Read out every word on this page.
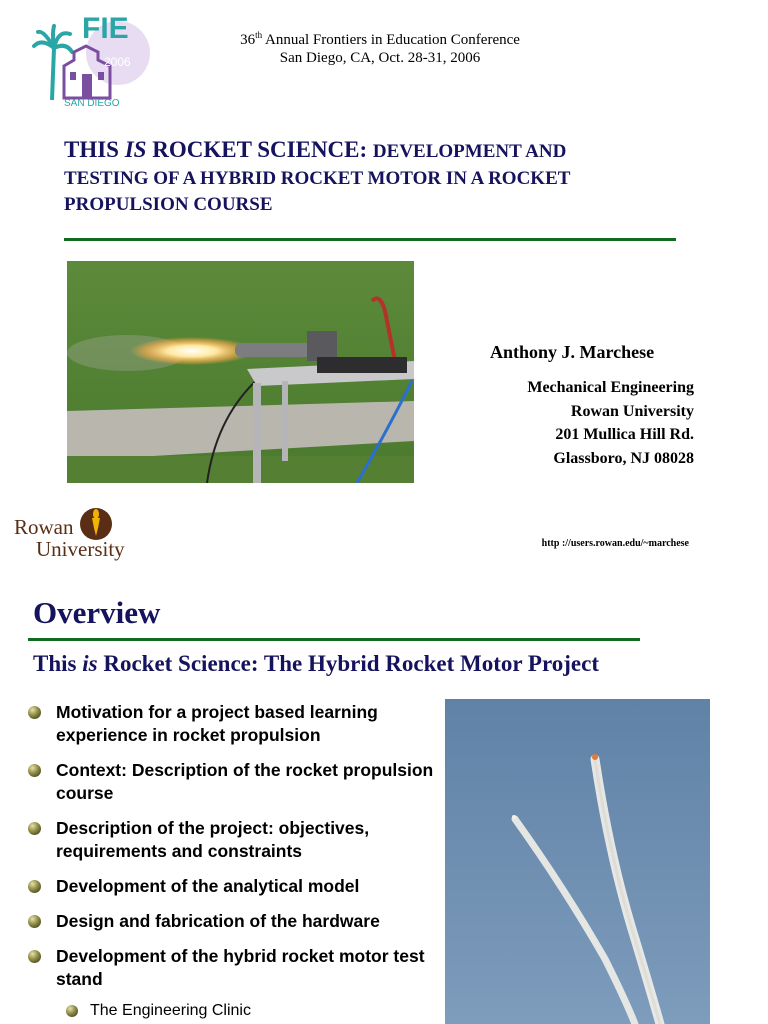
2006
FIE
SAN DIEGO
36th Annual Frontiers in Education Conference
San Diego, CA, Oct. 28-31, 2006
THIS IS ROCKET SCIENCE: DEVELOPMENT AND
TESTING OF A HYBRID ROCKET MOTOR IN A ROCKET
PROPULSION COURSE
Anthony J. Marchese
Mechanical Engineering
Rowan University
201 Mullica Hill Rd.
Glassboro, NJ 08028
Rowan
University	http ://users.rowan.edu/~marchese
Overview
This is Rocket Science: The Hybrid Rocket Motor Project
Motivation for a project based learning experience in rocket propulsion
Context: Description of the rocket propulsion course
Description of the project: objectives, requirements and constraints
Development of the analytical model
Design and fabrication of the hardware
Development of the hybrid rocket motor test stand
The Engineering Clinic
